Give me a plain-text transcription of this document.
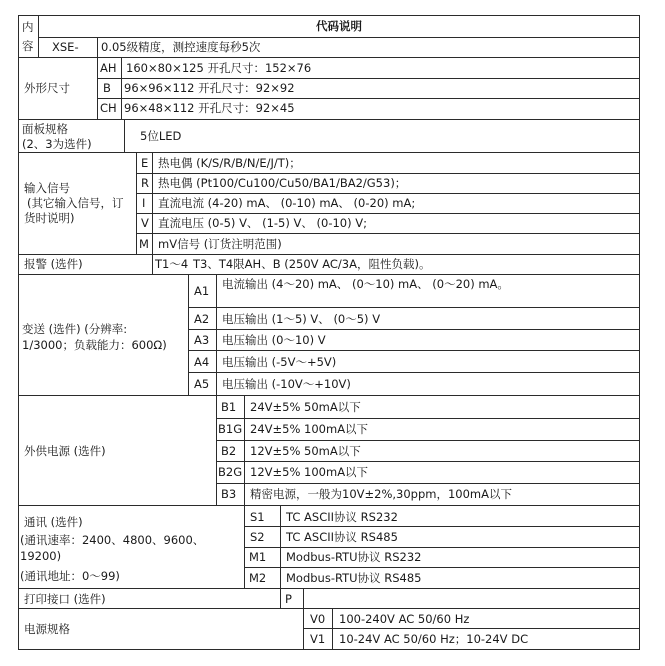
内
容
代码说明
XSE- 0.05级精度，测控速度每秒5次
外形尺寸
AH 160×80×125 开孔尺寸：152×76
B 96×96×112 开孔尺寸：92×92
CH 96×48×112 开孔尺寸：92×45
面板规格
(2、3为选件)
5位LED
输入信号
(其它输入信号，订
货时说明)
E 热电偶 (K/S/R/B/N/E/J/T)；
R 热电偶 (Pt100/Cu100/Cu50/BA1/BA2/G53)；
I 直流电流 (4-20) mA、 (0-10) mA、 (0-20) mA;
V 直流电压 (0-5) V、 (1-5) V、 (0-10) V;
M mV信号 (订货注明范围)
报警 (选件)	T1～4 T3、T4限AH、B (250V AC/3A，阻性负载)。
变送 (选件) (分辨率:
1/3000；负载能力：600Ω)
A1 电流输出 (4～20) mA、 (0～10) mA、 (0～20) mA。
A2 电压输出 (1～5) V、 (0～5) V
A3 电压输出 (0～10) V
A4 电压输出 (-5V～+5V)
A5 电压输出 (-10V～+10V)
外供电源 (选件)
B1 24V±5% 50mA以下
B1G 24V±5% 100mA以下
B2 12V±5% 50mA以下
B2G 12V±5% 100mA以下
B3 精密电源，一般为10V±2%,30ppm，100mA以下
通讯 (选件)
(通讯速率：2400、4800、9600、
19200)
(通讯地址：0～99)
S1 TC ASCII协议 RS232
S2 TC ASCII协议 RS485
M1 Modbus-RTU协议 RS232
M2 Modbus-RTU协议 RS485
打印接口 (选件)	P
电源规格
V0 100-240V AC 50/60 Hz
V1 10-24V AC 50/60 Hz；10-24V DC
